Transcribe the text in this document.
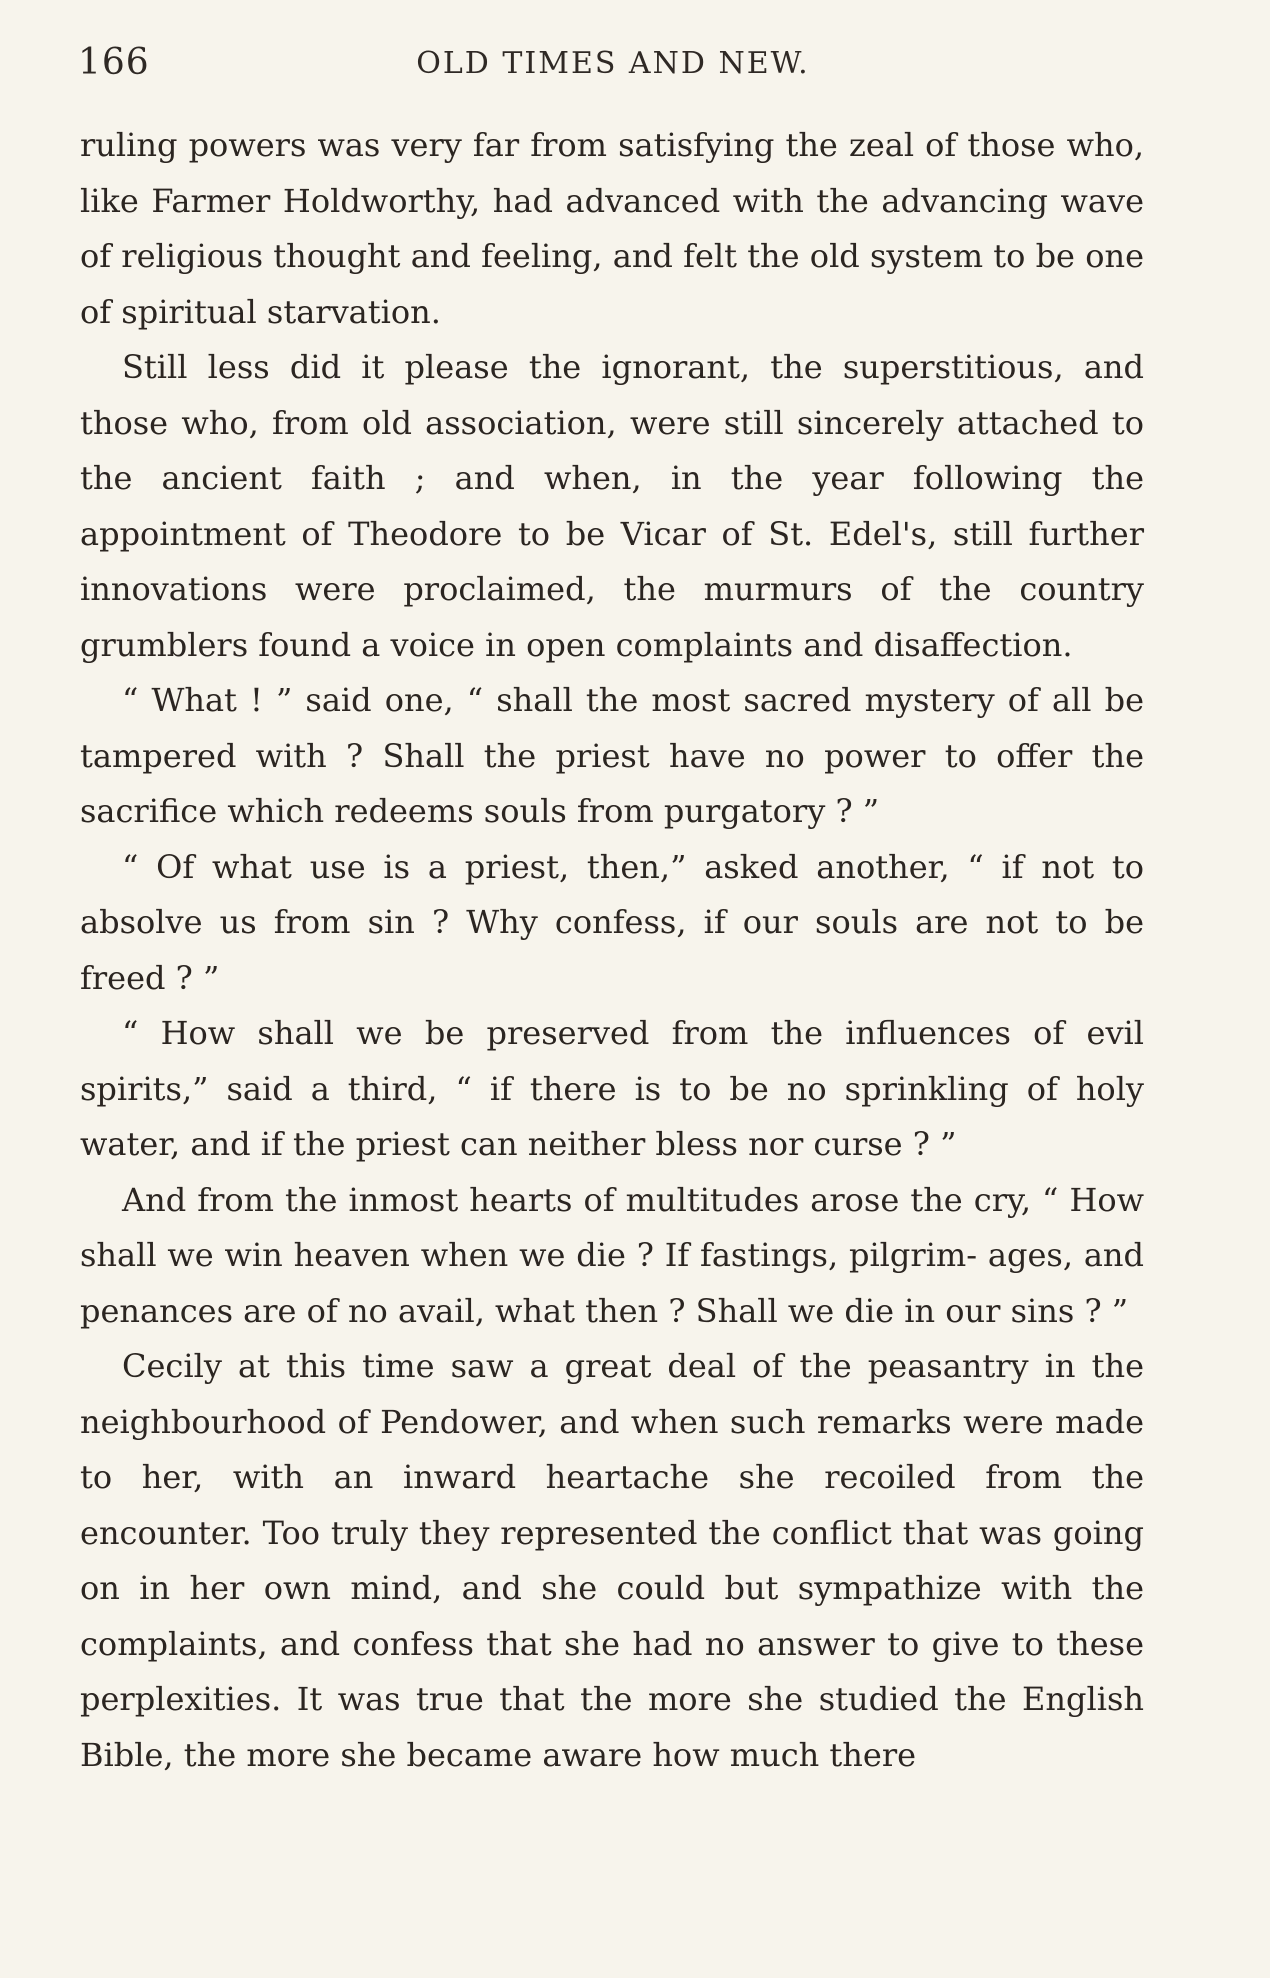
166	OLD TIMES AND NEW.

ruling powers was very far from satisfying the zeal of those who, like Farmer Holdworthy, had advanced with the advancing wave of religious thought and feeling, and felt the old system to be one of spiritual starvation.

Still less did it please the ignorant, the superstitious, and those who, from old association, were still sincerely attached to the ancient faith ; and when, in the year following the appointment of Theodore to be Vicar of St. Edel's, still further innovations were proclaimed, the murmurs of the country grumblers found a voice in open complaints and disaffection.

“ What ! ” said one, “ shall the most sacred mystery of all be tampered with ? Shall the priest have no power to offer the sacrifice which redeems souls from purgatory ? ”

“ Of what use is a priest, then,” asked another, “ if not to absolve us from sin ? Why confess, if our souls are not to be freed ? ”

“ How shall we be preserved from the influences of evil spirits,” said a third, “ if there is to be no sprinkling of holy water, and if the priest can neither bless nor curse ? ”

And from the inmost hearts of multitudes arose the cry, “ How shall we win heaven when we die ? If fastings, pilgrim- ages, and penances are of no avail, what then ? Shall we die in our sins ? ”

Cecily at this time saw a great deal of the peasantry in the neighbourhood of Pendower, and when such remarks were made to her, with an inward heartache she recoiled from the encounter. Too truly they represented the conflict that was going on in her own mind, and she could but sympathize with the complaints, and confess that she had no answer to give to these perplexities. It was true that the more she studied the English Bible, the more she became aware how much there
